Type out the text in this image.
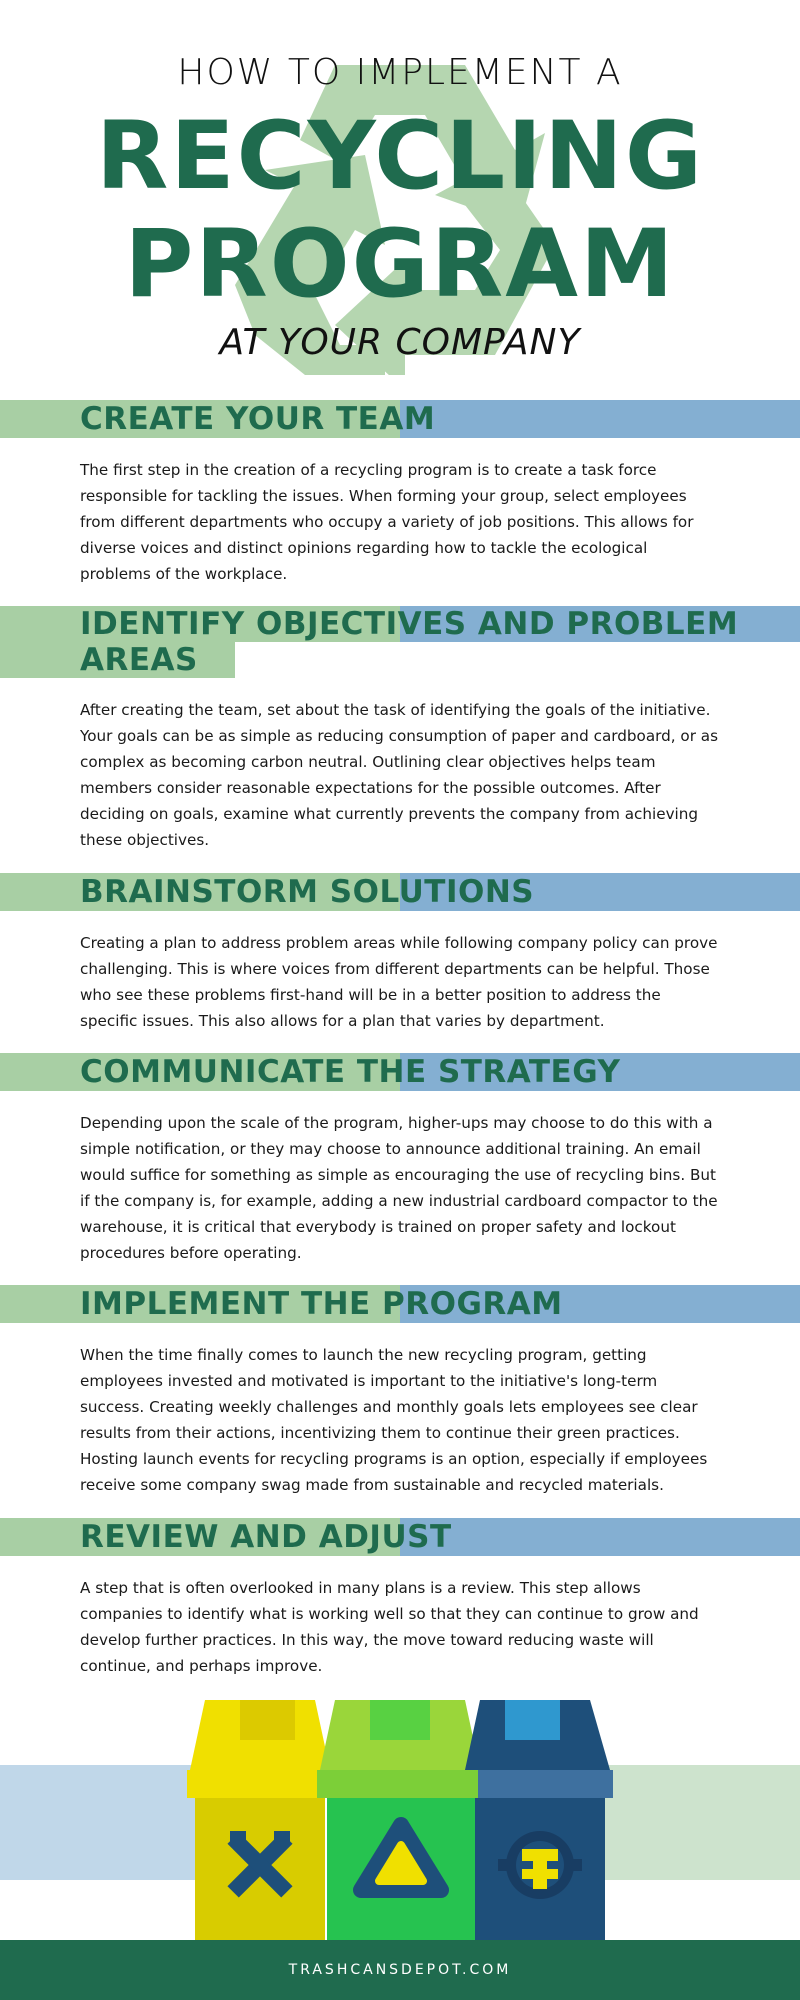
HOW TO IMPLEMENT A

RECYCLING

PROGRAM

AT YOUR COMPANY

CREATE YOUR TEAM

The first step in the creation of a recycling program is to create a task force responsible for tackling the issues. When forming your group, select employees from different departments who occupy a variety of job positions. This allows for diverse voices and distinct opinions regarding how to tackle the ecological problems of the workplace.

IDENTIFY OBJECTIVES AND PROBLEM AREAS

After creating the team, set about the task of identifying the goals of the initiative. Your goals can be as simple as reducing consumption of paper and cardboard, or as complex as becoming carbon neutral. Outlining clear objectives helps team members consider reasonable expectations for the possible outcomes. After deciding on goals, examine what currently prevents the company from achieving these objectives.

BRAINSTORM SOLUTIONS

Creating a plan to address problem areas while following company policy can prove challenging. This is where voices from different departments can be helpful. Those who see these problems first-hand will be in a better position to address the specific issues. This also allows for a plan that varies by department.

COMMUNICATE THE STRATEGY

Depending upon the scale of the program, higher-ups may choose to do this with a simple notification, or they may choose to announce additional training. An email would suffice for something as simple as encouraging the use of recycling bins. But if the company is, for example, adding a new industrial cardboard compactor to the warehouse, it is critical that everybody is trained on proper safety and lockout procedures before operating.

IMPLEMENT THE PROGRAM

When the time finally comes to launch the new recycling program, getting employees invested and motivated is important to the initiative's long-term success. Creating weekly challenges and monthly goals lets employees see clear results from their actions, incentivizing them to continue their green practices. Hosting launch events for recycling programs is an option, especially if employees receive some company swag made from sustainable and recycled materials.

REVIEW AND ADJUST

A step that is often overlooked in many plans is a review. This step allows companies to identify what is working well so that they can continue to grow and develop further practices. In this way, the move toward reducing waste will continue, and perhaps improve.

TRASHCANSDEPOT.COM
